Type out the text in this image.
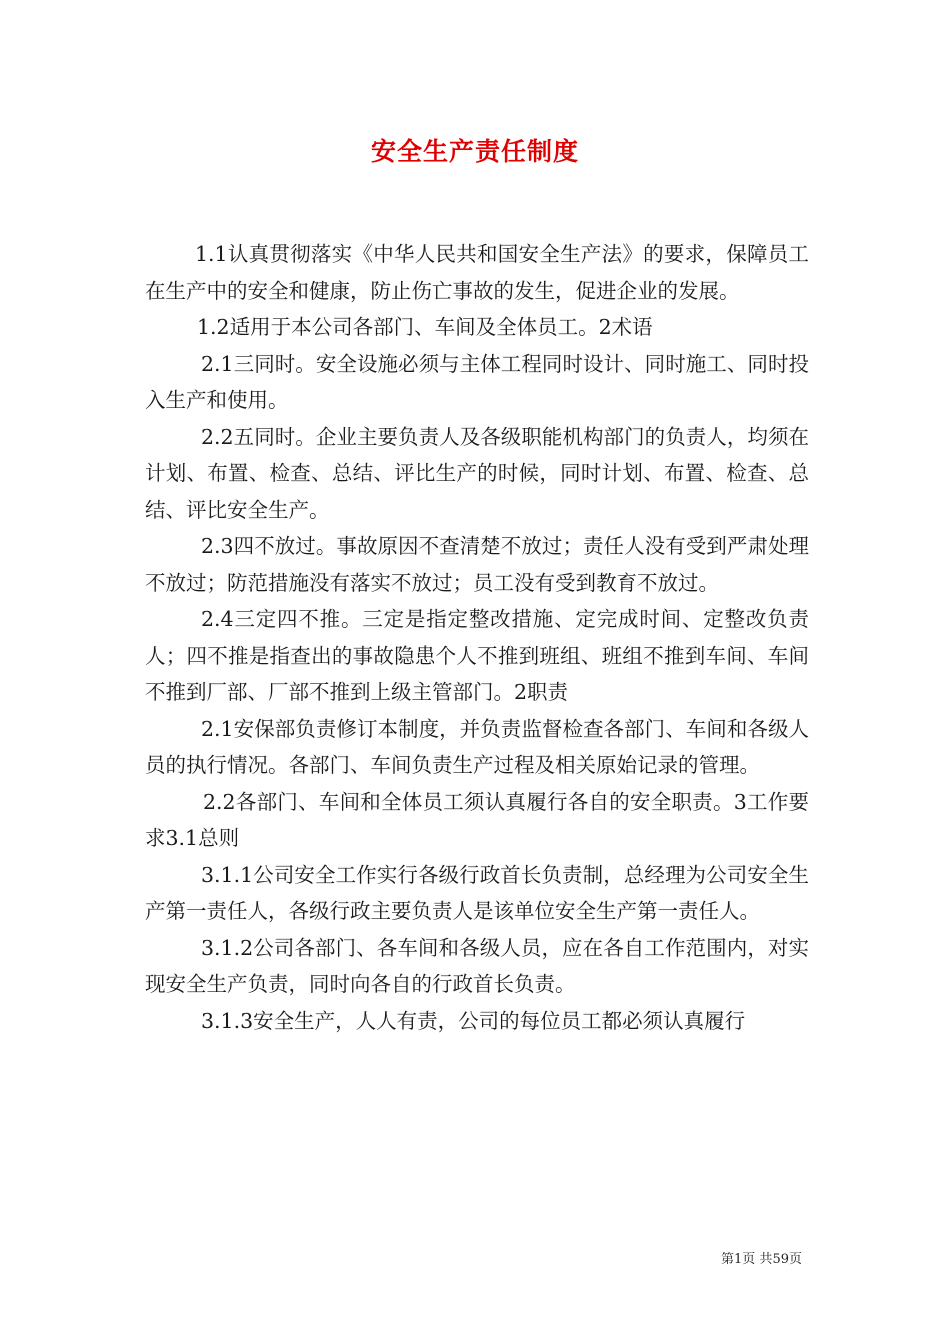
安全生产责任制度

1.1认真贯彻落实《中华人民共和国安全生产法》的要求，保障员工在生产中的安全和健康，防止伤亡事故的发生，促进企业的发展。

1.2适用于本公司各部门、车间及全体员工。2术语

2.1三同时。安全设施必须与主体工程同时设计、同时施工、同时投入生产和使用。

2.2五同时。企业主要负责人及各级职能机构部门的负责人，均须在计划、布置、检查、总结、评比生产的时候，同时计划、布置、检查、总结、评比安全生产。

2.3四不放过。事故原因不查清楚不放过；责任人没有受到严肃处理不放过；防范措施没有落实不放过；员工没有受到教育不放过。

2.4三定四不推。三定是指定整改措施、定完成时间、定整改负责人；四不推是指查出的事故隐患个人不推到班组、班组不推到车间、车间不推到厂部、厂部不推到上级主管部门。2职责

2.1安保部负责修订本制度，并负责监督检查各部门、车间和各级人员的执行情况。各部门、车间负责生产过程及相关原始记录的管理。

2.2各部门、车间和全体员工须认真履行各自的安全职责。3工作要求3.1总则

3.1.1公司安全工作实行各级行政首长负责制，总经理为公司安全生产第一责任人，各级行政主要负责人是该单位安全生产第一责任人。

3.1.2公司各部门、各车间和各级人员，应在各自工作范围内，对实现安全生产负责，同时向各自的行政首长负责。

3.1.3安全生产，人人有责，公司的每位员工都必须认真履行

第1页 共59页
